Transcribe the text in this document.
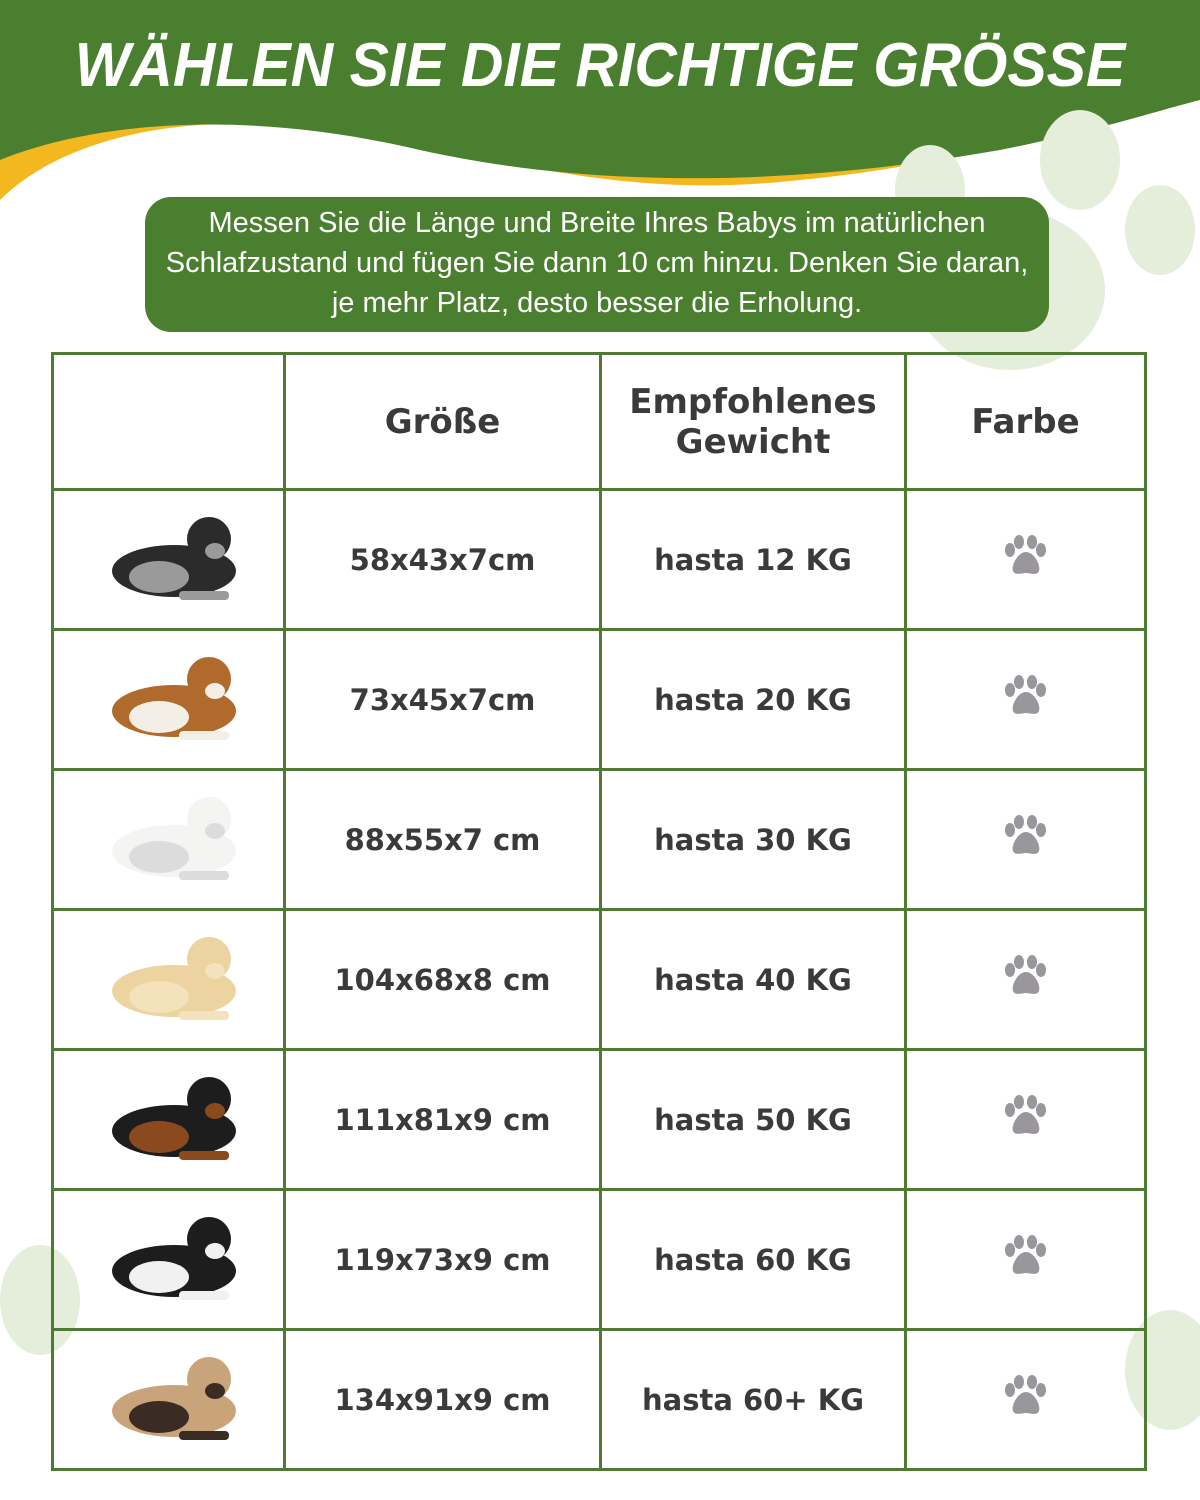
WÄHLEN SIE DIE RICHTIGE GRÖSSE
Messen Sie die Länge und Breite Ihres Babys im natürlichen Schlafzustand und fügen Sie dann 10 cm hinzu. Denken Sie daran, je mehr Platz, desto besser die Erholung.
	Größe	Empfohlenes Gewicht	Farbe
	58x43x7cm	hasta 12 KG	
	73x45x7cm	hasta 20 KG	
	88x55x7 cm	hasta 30 KG	
	104x68x8 cm	hasta 40 KG	
	111x81x9 cm	hasta 50 KG	
	119x73x9 cm	hasta 60 KG	
	134x91x9 cm	hasta 60+ KG	
